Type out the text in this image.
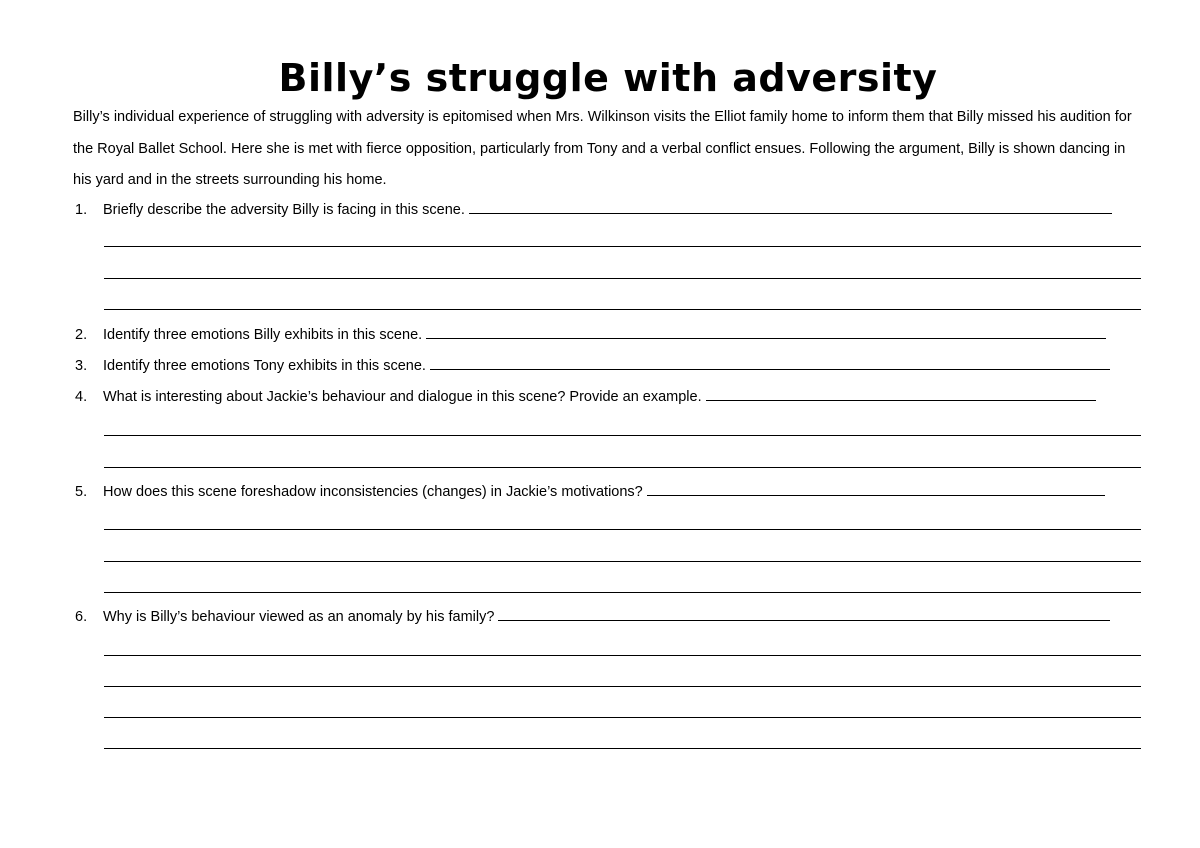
Billy’s struggle with adversity
Billy’s individual experience of struggling with adversity is epitomised when Mrs. Wilkinson visits the Elliot family home to inform them that Billy missed his audition for the Royal Ballet School. Here she is met with fierce opposition, particularly from Tony and a verbal conflict ensues. Following the argument, Billy is shown dancing in his yard and in the streets surrounding his home.
1.	Briefly describe the adversity Billy is facing in this scene.
2.	Identify three emotions Billy exhibits in this scene.
3.	Identify three emotions Tony exhibits in this scene.
4.	What is interesting about Jackie’s behaviour and dialogue in this scene? Provide an example.
5.	How does this scene foreshadow inconsistencies (changes) in Jackie’s motivations?
6.	Why is Billy’s behaviour viewed as an anomaly by his family?
